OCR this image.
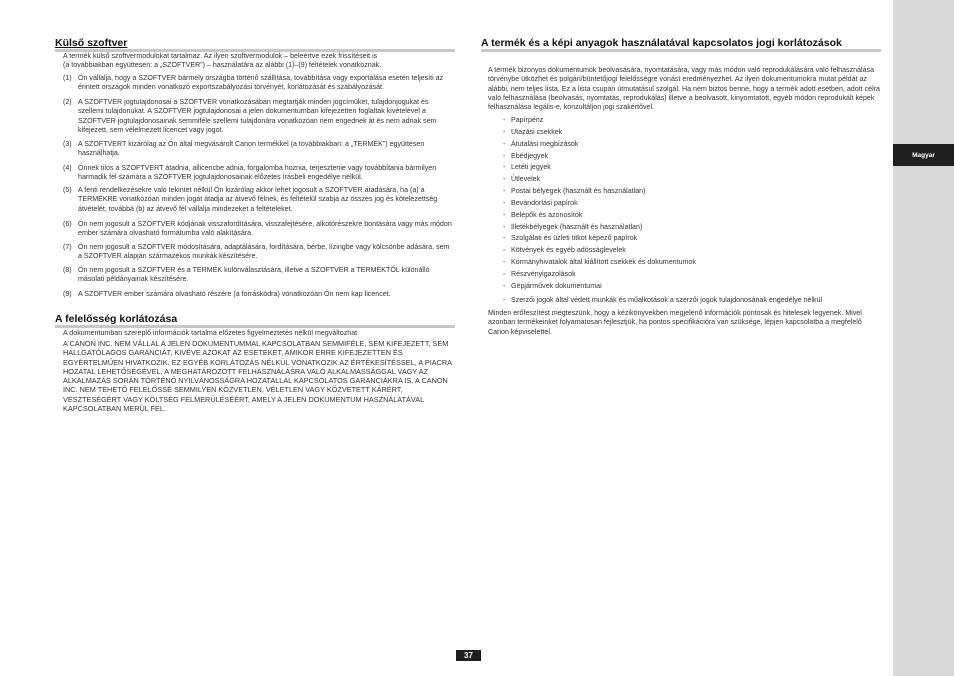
Magyar
Külső szoftver
A termék külső szoftvermodulokat tartalmaz. Az ilyen szoftvermodulok – beleértve ezek frissítéseit is
(a továbbiakban együttesen: a „SZOFTVER”) – használatára az alábbi (1)–(9) feltételek vonatkoznak.
(1) Ön vállalja, hogy a SZOFTVER bármely országba történő szállítása, továbbítása vagy exportálása esetén teljesíti az érintett országok minden vonatkozó exportszabályozási törvényét, korlátozását és szabályozását.
(2) A SZOFTVER jogtulajdonosai a SZOFTVER vonatkozásában megtartják minden jogcímüket, tulajdonjogukat és szellemi tulajdonukat. A SZOFTVER jogtulajdonosai a jelen dokumentumban kifejezetten foglaltak kivételével a SZOFTVER jogtulajdonosainak semmiféle szellemi tulajdonára vonatkozóan nem engednek át és nem adnak sem kifejezett, sem vélelmezett licencet vagy jogot.
(3) A SZOFTVERT kizárólag az Ön által megvásárolt Canon termékkel (a továbbiakban: a „TERMÉK”) együttesen használhatja.
(4) Önnek tilos a SZOFTVERT átadnia, allicencbe adnia, forgalomba hoznia, terjesztenie vagy továbbítania bármilyen harmadik fél számára a SZOFTVER jogtulajdonosainak előzetes írásbeli engedélye nélkül.
(5) A fenti rendelkezésekre való tekintet nélkül Ön kizárólag akkor lehet jogosult a SZOFTVER átadására, ha (a) a TERMÉKRE vonatkozóan minden jogát átadja az átvevő félnek, és feltételül szabja az összes jog és kötelezettség átvételét, továbbá (b) az átvevő fél vállalja mindezeket a feltételeket.
(6) Ön nem jogosult a SZOFTVER kódjának visszafordítására, visszafejtésére, alkotórészekre bontására vagy más módon ember számára olvasható formátumba való alakítására.
(7) Ön nem jogosult a SZOFTVER módosítására, adaptálására, fordítására, bérbe, lízingbe vagy kölcsönbe adására, sem a SZOFTVER alapján származékos munkák készítésére.
(8) Ön nem jogosult a SZOFTVER és a TERMÉK különválasztására, illetve a SZOFTVER a TERMÉKTŐL különálló másolati példányainak készítésére.
(9) A SZOFTVER ember számára olvasható részére (a forráskódra) vonatkozóan Ön nem kap licencet.
A felelősség korlátozása
A dokumentumban szereplő információk tartalma előzetes figyelmeztetés nélkül megváltozhat.
A CANON INC. NEM VÁLLAL A JELEN DOKUMENTUMMAL KAPCSOLATBAN SEMMIFÉLE, SEM KIFEJEZETT, SEM HALLGATÓLAGOS GARANCIÁT, KIVÉVE AZOKAT AZ ESETEKET, AMIKOR ERRE KIFEJEZETTEN ÉS EGYÉRTELMŰEN HIVATKOZIK. EZ EGYÉB KORLÁTOZÁS NÉLKÜL VONATKOZIK AZ ÉRTÉKESÍTÉSSEL, A PIACRA HOZATAL LEHETŐSÉGÉVEL, A MEGHATÁROZOTT FELHASZNÁLÁSRA VALÓ ALKALMASSÁGGAL VAGY AZ ALKALMAZÁS SORÁN TÖRTÉNŐ NYILVÁNOSSÁGRA HOZATALLAL KAPCSOLATOS GARANCIÁKRA IS. A CANON INC. NEM TEHETŐ FELELŐSSÉ SEMMILYEN KÖZVETLEN, VÉLETLEN VAGY KÖZVETETT KÁRÉRT, VESZTESÉGÉRT VAGY KÖLTSÉG FELMERÜLÉSÉÉRT, AMELY A JELEN DOKUMENTUM HASZNÁLATÁVAL KAPCSOLATBAN MERÜL FEL.
A termék és a képi anyagok használatával kapcsolatos jogi korlátozások
A termék bizonyos dokumentumok beolvasására, nyomtatására, vagy más módon való reprodukálására való felhasználása törvénybe ütközhet és polgári/büntetőjogi felelősségre vonást eredményezhet. Az ilyen dokumentumokra mutat példát az alábbi, nem teljes lista. Ez a lista csupán útmutatásul szolgál. Ha nem biztos benne, hogy a termék adott esetben, adott célra való felhasználása (beolvasás, nyomtatás, reprodukálás) illetve a beolvasott, kinyomtatott, egyéb módon reprodukált képek felhasználása legális-e, konzultáljon jogi szakértővel.
- Papírpénz
- Utazási csekkek
- Átutalási megbízások
- Ebédjegyek
- Letéti jegyek
- Útlevelek
- Postai bélyegek (használt és használatlan)
- Bevándorlási papírok
- Belépők és azonosítók
- Illetékbélyegek (használt és használatlan)
- Szolgálati és üzleti titkot képező papírok
- Kötvények és egyéb adósságlevelek
- Kormányhivatalok által kiállított csekkek és dokumentumok
- Részvényigazolások
- Gépjárművek dokumentumai
- Szerzői jogok által védett munkák és műalkotások a szerzői jogok tulajdonosának engedélye nélkül
Minden erőfeszítést megteszünk, hogy a kézikönyvekben megjelenő információk pontosak és hitelesek legyenek. Mivel azonban termékeinket folyamatosan fejlesztjük, ha pontos specifikációra van szüksége, lépjen kapcsolatba a megfelelő Canon képviselettel.
37
